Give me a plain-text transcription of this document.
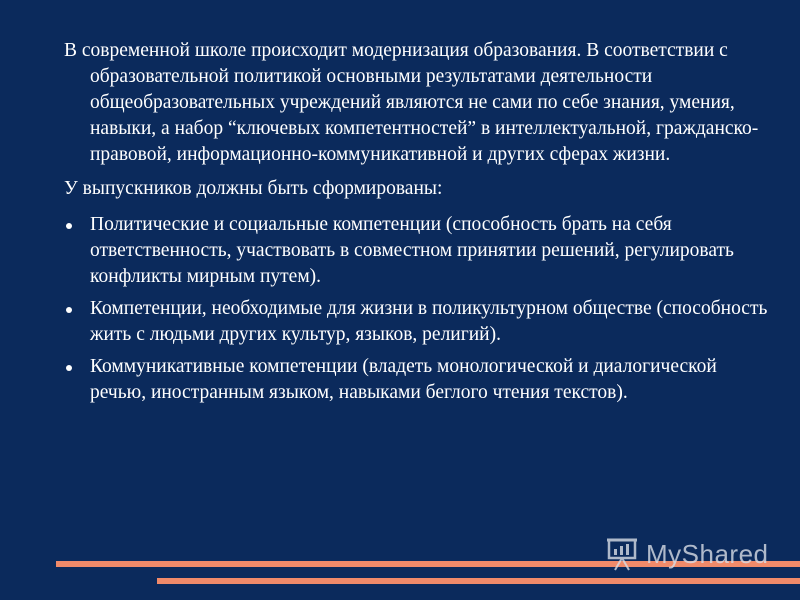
В современной школе происходит модернизация образования. В соответствии с образовательной политикой основными результатами деятельности общеобразовательных учреждений являются не сами по себе знания, умения, навыки, а набор “ключевых компетентностей” в интеллектуальной, гражданско-правовой, информационно-коммуникативной и других сферах жизни.

У выпускников должны быть сформированы:

Политические и социальные компетенции (способность брать на себя ответственность, участвовать в совместном принятии решений, регулировать конфликты мирным путем).
Компетенции, необходимые для жизни в поликультурном обществе (способность жить с людьми других культур, языков, религий).
Коммуникативные компетенции (владеть монологической и диалогической речью, иностранным языком, навыками беглого чтения текстов).
MyShared
